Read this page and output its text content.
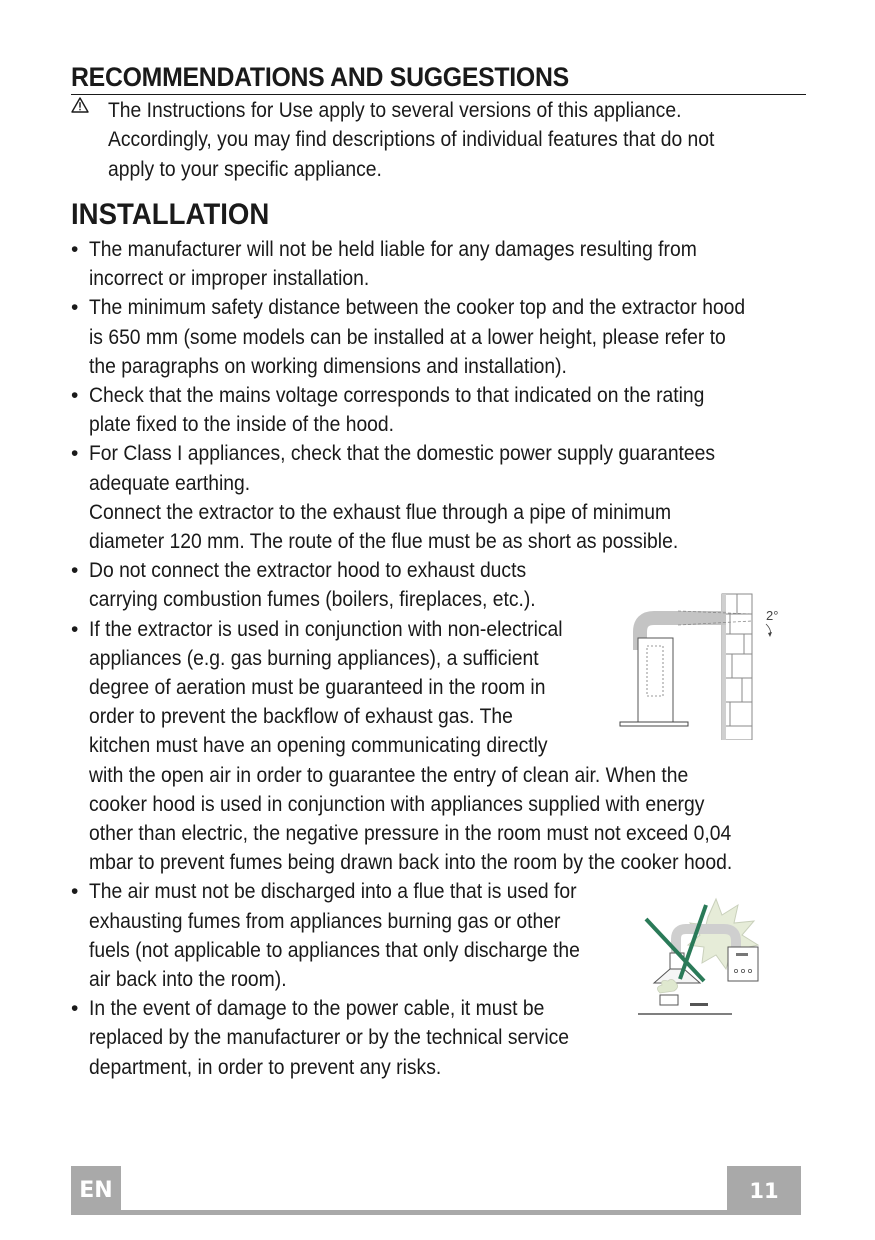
RECOMMENDATIONS AND SUGGESTIONS
The Instructions for Use apply to several versions of this appliance.
Accordingly, you may find descriptions of individual features that do not
apply to your specific appliance.
INSTALLATION
• The manufacturer will not be held liable for any damages resulting from
incorrect or improper installation.
• The minimum safety distance between the cooker top and the extractor hood
is 650 mm (some models can be installed at a lower height, please refer to
the paragraphs on working dimensions and installation).
• Check that the mains voltage corresponds to that indicated on the rating
plate fixed to the inside of the hood.
• For Class I appliances, check that the domestic power supply guarantees
adequate earthing.
Connect the extractor to the exhaust flue through a pipe of minimum
diameter 120 mm. The route of the flue must be as short as possible.
• Do not connect the extractor hood to exhaust ducts
carrying combustion fumes (boilers, fireplaces, etc.).
• If the extractor is used in conjunction with non-electrical
appliances (e.g. gas burning appliances), a sufficient
degree of aeration must be guaranteed in the room in
order to prevent the backflow of exhaust gas. The
kitchen must have an opening communicating directly
with the open air in order to guarantee the entry of clean air. When the
cooker hood is used in conjunction with appliances supplied with energy
other than electric, the negative pressure in the room must not exceed 0,04
mbar to prevent fumes being drawn back into the room by the cooker hood.
• The air must not be discharged into a flue that is used for
exhausting fumes from appliances burning gas or other
fuels (not applicable to appliances that only discharge the
air back into the room).
• In the event of damage to the power cable, it must be
replaced by the manufacturer or by the technical service
department, in order to prevent any risks.
2°
EN	11
